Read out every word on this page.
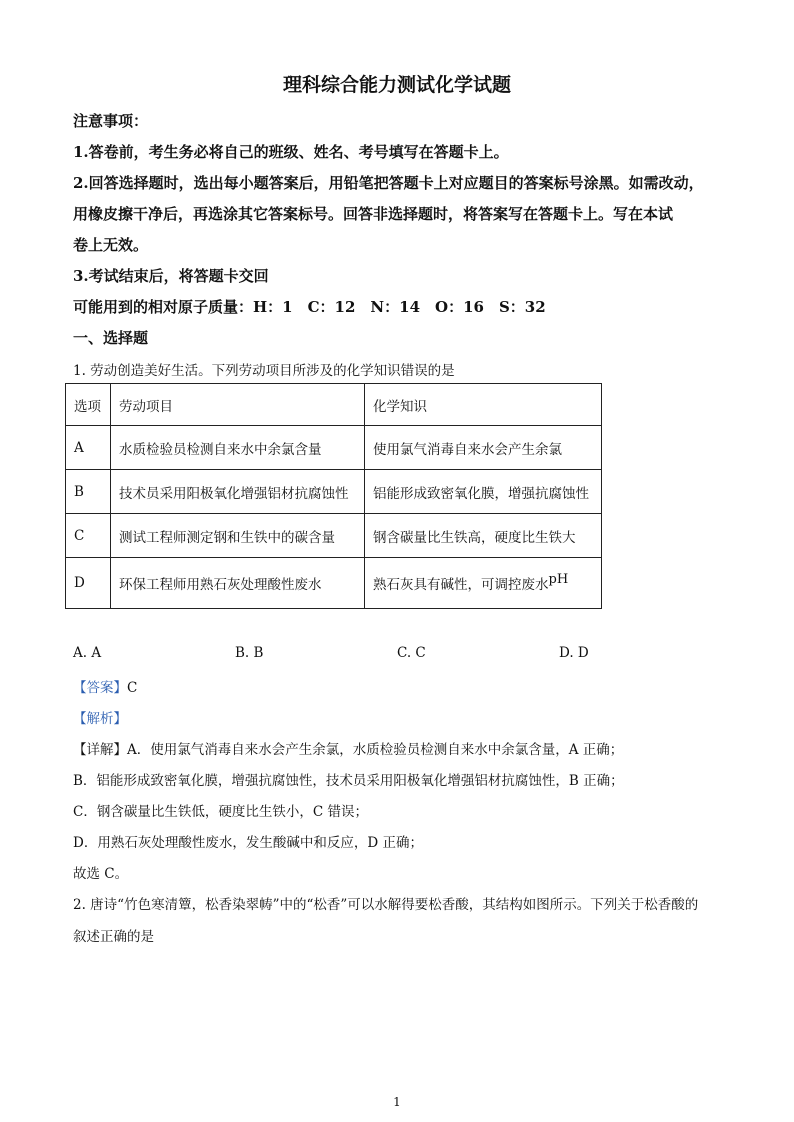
理科综合能力测试化学试题
注意事项：
1.答卷前，考生务必将自己的班级、姓名、考号填写在答题卡上。
2.回答选择题时，选出每小题答案后，用铅笔把答题卡上对应题目的答案标号涂黑。如需改动，
用橡皮擦干净后，再选涂其它答案标号。回答非选择题时，将答案写在答题卡上。写在本试
卷上无效。
3.考试结束后，将答题卡交回
可能用到的相对原子质量：H：1　C：12　N：14　O：16　S：32
一、选择题
1. 劳动创造美好生活。下列劳动项目所涉及的化学知识错误的是
选项	劳动项目	化学知识
A	水质检验员检测自来水中余氯含量	使用氯气消毒自来水会产生余氯
B	技术员采用阳极氧化增强铝材抗腐蚀性	铝能形成致密氧化膜，增强抗腐蚀性
C	测试工程师测定钢和生铁中的碳含量	钢含碳量比生铁高，硬度比生铁大
D	环保工程师用熟石灰处理酸性废水	熟石灰具有碱性，可调控废水pH
A. A	B. B	C. C	D. D
【答案】C
【解析】
【详解】A．使用氯气消毒自来水会产生余氯，水质检验员检测自来水中余氯含量，A 正确；
B．铝能形成致密氧化膜，增强抗腐蚀性，技术员采用阳极氧化增强铝材抗腐蚀性，B 正确；
C．钢含碳量比生铁低，硬度比生铁小，C 错误；
D．用熟石灰处理酸性废水，发生酸碱中和反应，D 正确；
故选 C。
2. 唐诗“竹色寒清簟，松香染翠帱”中的“松香”可以水解得要松香酸，其结构如图所示。下列关于松香酸的
叙述正确的是
1
